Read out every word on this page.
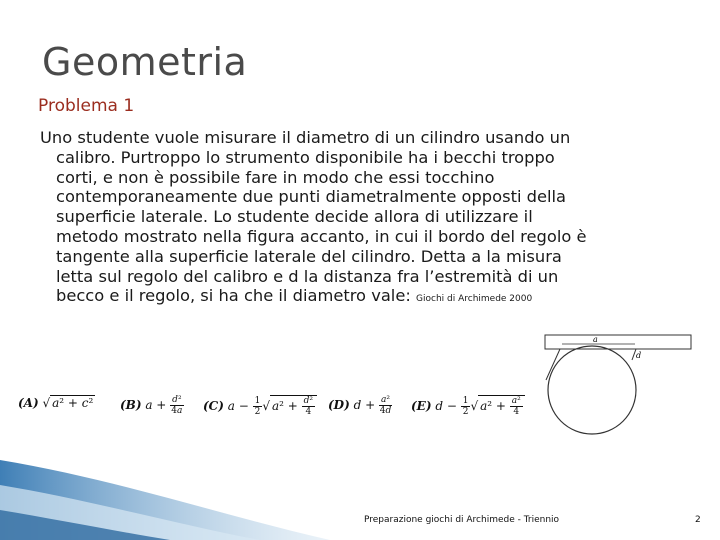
Geometria
Problema 1
Uno studente vuole misurare il diametro di un cilindro usando un
calibro. Purtroppo lo strumento disponibile ha i becchi troppo
corti, e non è possibile fare in modo che essi tocchino
contemporaneamente due punti diametralmente opposti della
superficie laterale. Lo studente decide allora di utilizzare il
metodo mostrato nella figura accanto, in cui il bordo del regolo è
tangente alla superficie laterale del cilindro. Detta a la misura
letta sul regolo del calibro e d la distanza fra l’estremità di un
becco e il regolo, si ha che il diametro vale: Giochi di Archimede 2000
(A) √ a² + c² (B) $a + \frac{\text{d²}}{4a} (C) a - \frac{1}{2}$ √ $a^2 + \frac{\text{d²}}{4} (D) d + \frac{\text{a²}}{4d} (E) d - \frac{1}{2}$ √ $a^2 + \frac{\text{a²}}{4}$
a
d
Preparazione giochi di Archimede - Triennio	2
